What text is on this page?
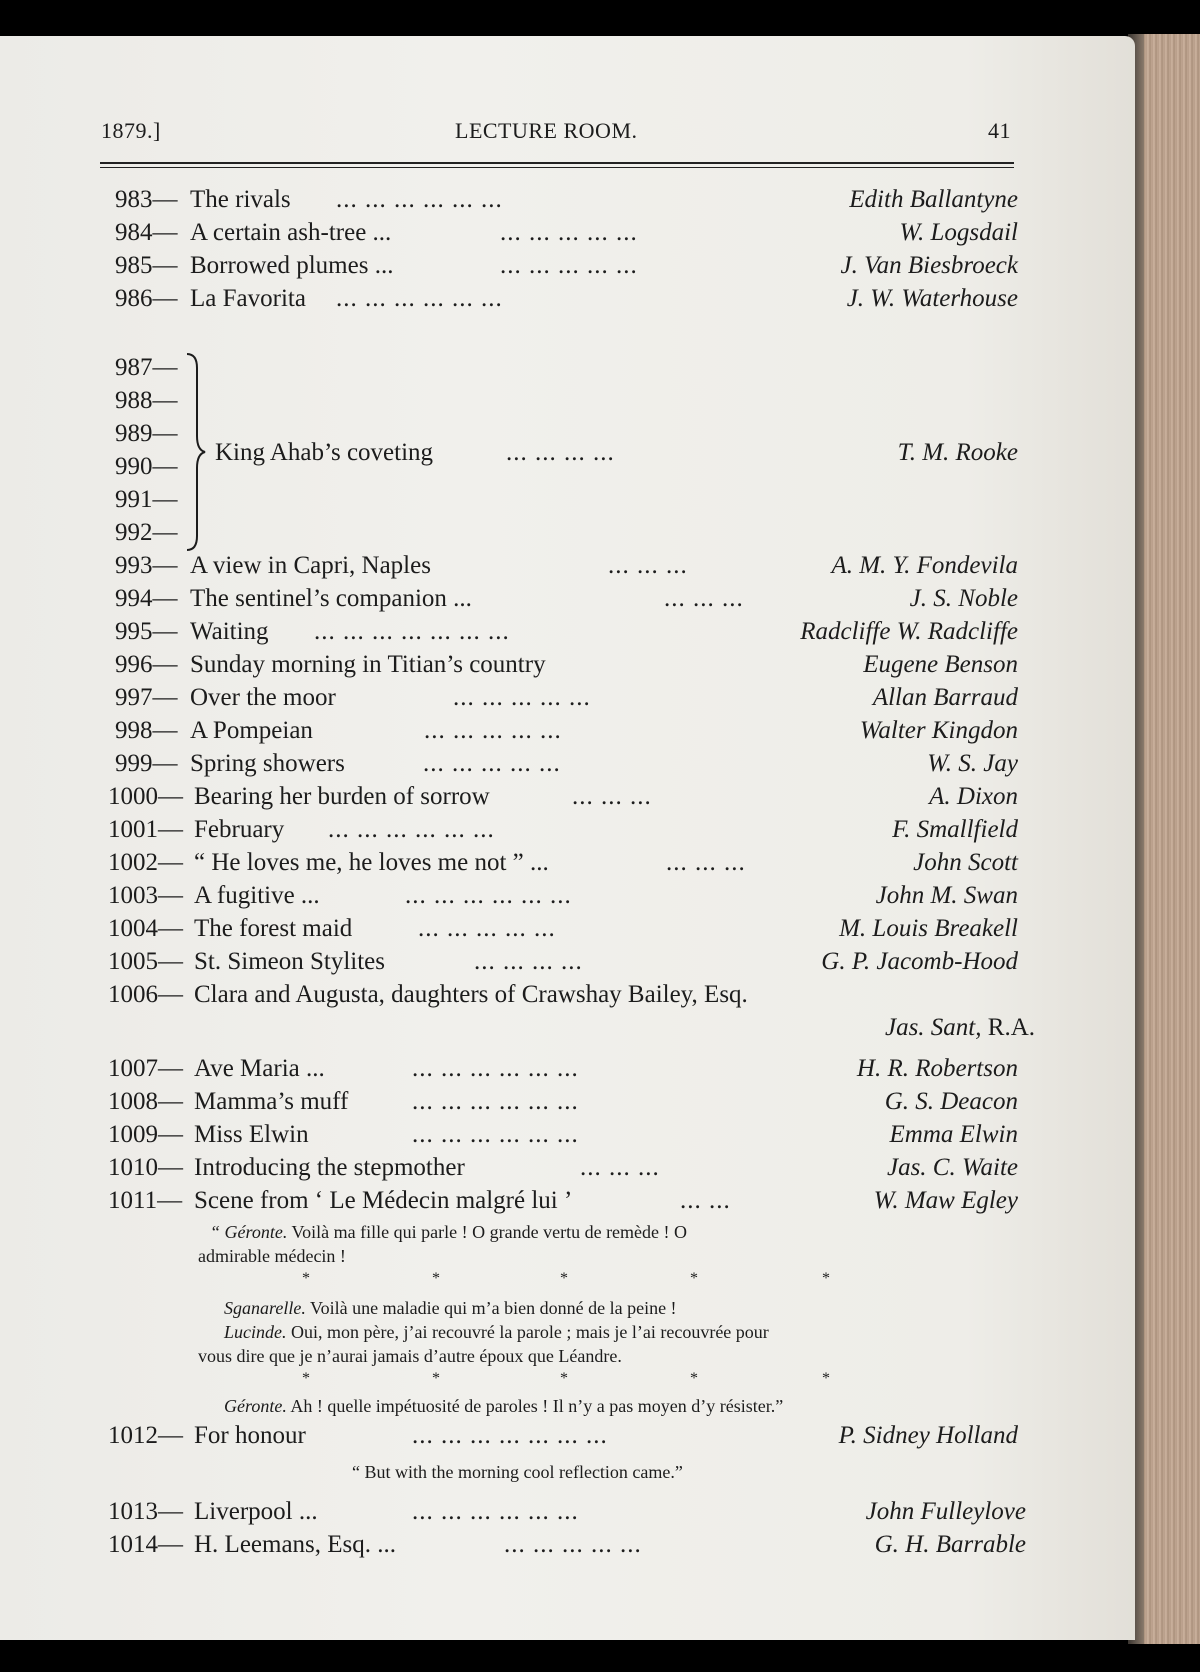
1879.]	LECTURE ROOM.	41
983— The rivals ... ... ... ... ... ...	Edith Ballantyne
984— A certain ash-tree ...	... ... ... ... ...	W. Logsdail
985— Borrowed plumes ...	... ... ... ... ...	J. Van Biesbroeck
986— La Favorita ... ... ... ... ... ...	J. W. Waterhouse
987—
988—
989—
990—
991—
992—
King Ahab’s coveting	... ... ... ...	T. M. Rooke
993— A view in Capri, Naples	... ... ...	A. M. Y. Fondevila
994— The sentinel’s companion ...	... ... ...	J. S. Noble
995— Waiting ... ... ... ... ... ... ...	Radcliffe W. Radcliffe
996— Sunday morning in Titian’s country	Eugene Benson
997— Over the moor	... ... ... ... ...	Allan Barraud
998— A Pompeian	... ... ... ... ...	Walter Kingdon
999— Spring showers	... ... ... ... ...	W. S. Jay
1000— Bearing her burden of sorrow	... ... ...	A. Dixon
1001— February ... ... ... ... ... ...	F. Smallfield
1002— “ He loves me, he loves me not ” ...	... ... ...	John Scott
1003— A fugitive ...	... ... ... ... ... ...	John M. Swan
1004— The forest maid	... ... ... ... ...	M. Louis Breakell
1005— St. Simeon Stylites	... ... ... ...	G. P. Jacomb-Hood
1006— Clara and Augusta, daughters of Crawshay Bailey, Esq.
Jas. Sant, R.A.
1007— Ave Maria ...	... ... ... ... ... ...	H. R. Robertson
1008— Mamma’s muff	... ... ... ... ... ...	G. S. Deacon
1009— Miss Elwin	... ... ... ... ... ...	Emma Elwin
1010— Introducing the stepmother	... ... ...	Jas. C. Waite
1011— Scene from ‘ Le Médecin malgré lui ’	... ...	W. Maw Egley
“ Géronte. Voilà ma fille qui parle ! O grande vertu de remède ! O
admirable médecin !
*	*	*	*	*
Sganarelle. Voilà une maladie qui m’a bien donné de la peine !
Lucinde. Oui, mon père, j’ai recouvré la parole ; mais je l’ai recouvrée pour
vous dire que je n’aurai jamais d’autre époux que Léandre.
*	*	*	*	*
Géronte. Ah ! quelle impétuosité de paroles ! Il n’y a pas moyen d’y résister.”
1012— For honour	... ... ... ... ... ... ...	P. Sidney Holland
“ But with the morning cool reflection came.”
1013— Liverpool ...	... ... ... ... ... ...	John Fulleylove
1014— H. Leemans, Esq. ...	... ... ... ... ...	G. H. Barrable
